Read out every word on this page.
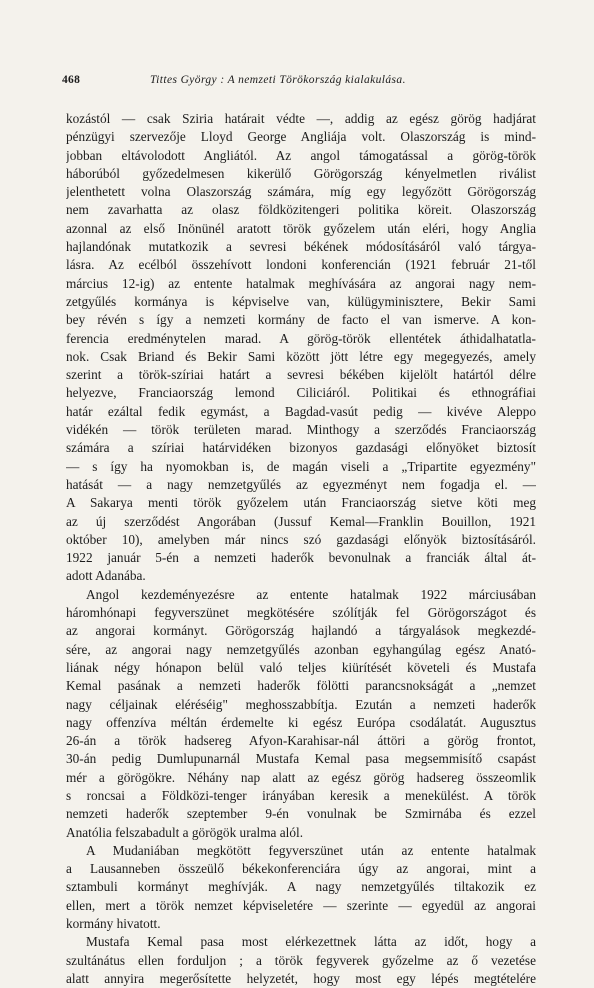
468	Tittes György : A nemzeti Törökország kialakulása.
kozástól — csak Sziria határait védte —, addig az egész görög hadjárat
pénzügyi szervezője Lloyd George Angliája volt. Olaszország is mind-
jobban eltávolodott Angliától. Az angol támogatással a görög-török
háborúból győzedelmesen kikerülő Görögország kényelmetlen riválist
jelenthetett volna Olaszország számára, míg egy legyőzött Görögország
nem zavarhatta az olasz földközitengeri politika köreit. Olaszország
azonnal az első Inönünél aratott török győzelem után eléri, hogy Anglia
hajlandónak mutatkozik a sevresi békének módosításáról való tárgya-
lásra. Az ecélból összehívott londoni konferencián (1921 február 21-től
március 12-ig) az entente hatalmak meghívására az angorai nagy nem-
zetgyűlés kormánya is képviselve van, külügyminisztere, Bekir Sami
bey révén s így a nemzeti kormány de facto el van ismerve. A kon-
ferencia eredménytelen marad. A görög-török ellentétek áthidalhatatla-
nok. Csak Briand és Bekir Sami között jött létre egy megegyezés, amely
szerint a török-szíriai határt a sevresi békében kijelölt határtól délre
helyezve, Franciaország lemond Ciliciáról. Politikai és ethnográfiai
határ ezáltal fedik egymást, a Bagdad-vasút pedig — kivéve Aleppo
vidékén — török területen marad. Minthogy a szerződés Franciaország
számára a szíriai határvidéken bizonyos gazdasági előnyöket biztosít
— s így ha nyomokban is, de magán viseli a „Tripartite egyezmény"
hatását — a nagy nemzetgyűlés az egyezményt nem fogadja el. —
A Sakarya menti török győzelem után Franciaország sietve köti meg
az új szerződést Angorában (Jussuf Kemal—Franklin Bouillon, 1921
október 10), amelyben már nincs szó gazdasági előnyök biztosításáról.
1922 január 5-én a nemzeti haderők bevonulnak a franciák által át-
adott Adanába.
Angol kezdeményezésre az entente hatalmak 1922 márciusában
háromhónapi fegyverszünet megkötésére szólítják fel Görögországot és
az angorai kormányt. Görögország hajlandó a tárgyalások megkezdé-
sére, az angorai nagy nemzetgyűlés azonban egyhangúlag egész Anató-
liának négy hónapon belül való teljes kiürítését követeli és Mustafa
Kemal pasának a nemzeti haderők fölötti parancsnokságát a „nemzet
nagy céljainak eléréséig" meghosszabbítja. Ezután a nemzeti haderők
nagy offenzíva méltán érdemelte ki egész Európa csodálatát. Augusztus
26-án a török hadsereg Afyon-Karahisar-nál áttöri a görög frontot,
30-án pedig Dumlupunarnál Mustafa Kemal pasa megsemmisítő csapást
mér a görögökre. Néhány nap alatt az egész görög hadsereg összeomlik
s roncsai a Földközi-tenger irányában keresik a menekülést. A török
nemzeti haderők szeptember 9-én vonulnak be Szmirnába és ezzel
Anatólia felszabadult a görögök uralma alól.
A Mudaniában megkötött fegyverszünet után az entente hatalmak
a Lausanneben összeülő békekonferenciára úgy az angorai, mint a
sztambuli kormányt meghívják. A nagy nemzetgyűlés tiltakozik ez
ellen, mert a török nemzet képviseletére — szerinte — egyedül az angorai
kormány hivatott.
Mustafa Kemal pasa most elérkezettnek látta az időt, hogy a
szultánátus ellen forduljon ; a török fegyverek győzelme az ő vezetése
alatt annyira megerősítette helyzetét, hogy most egy lépés megtételére
